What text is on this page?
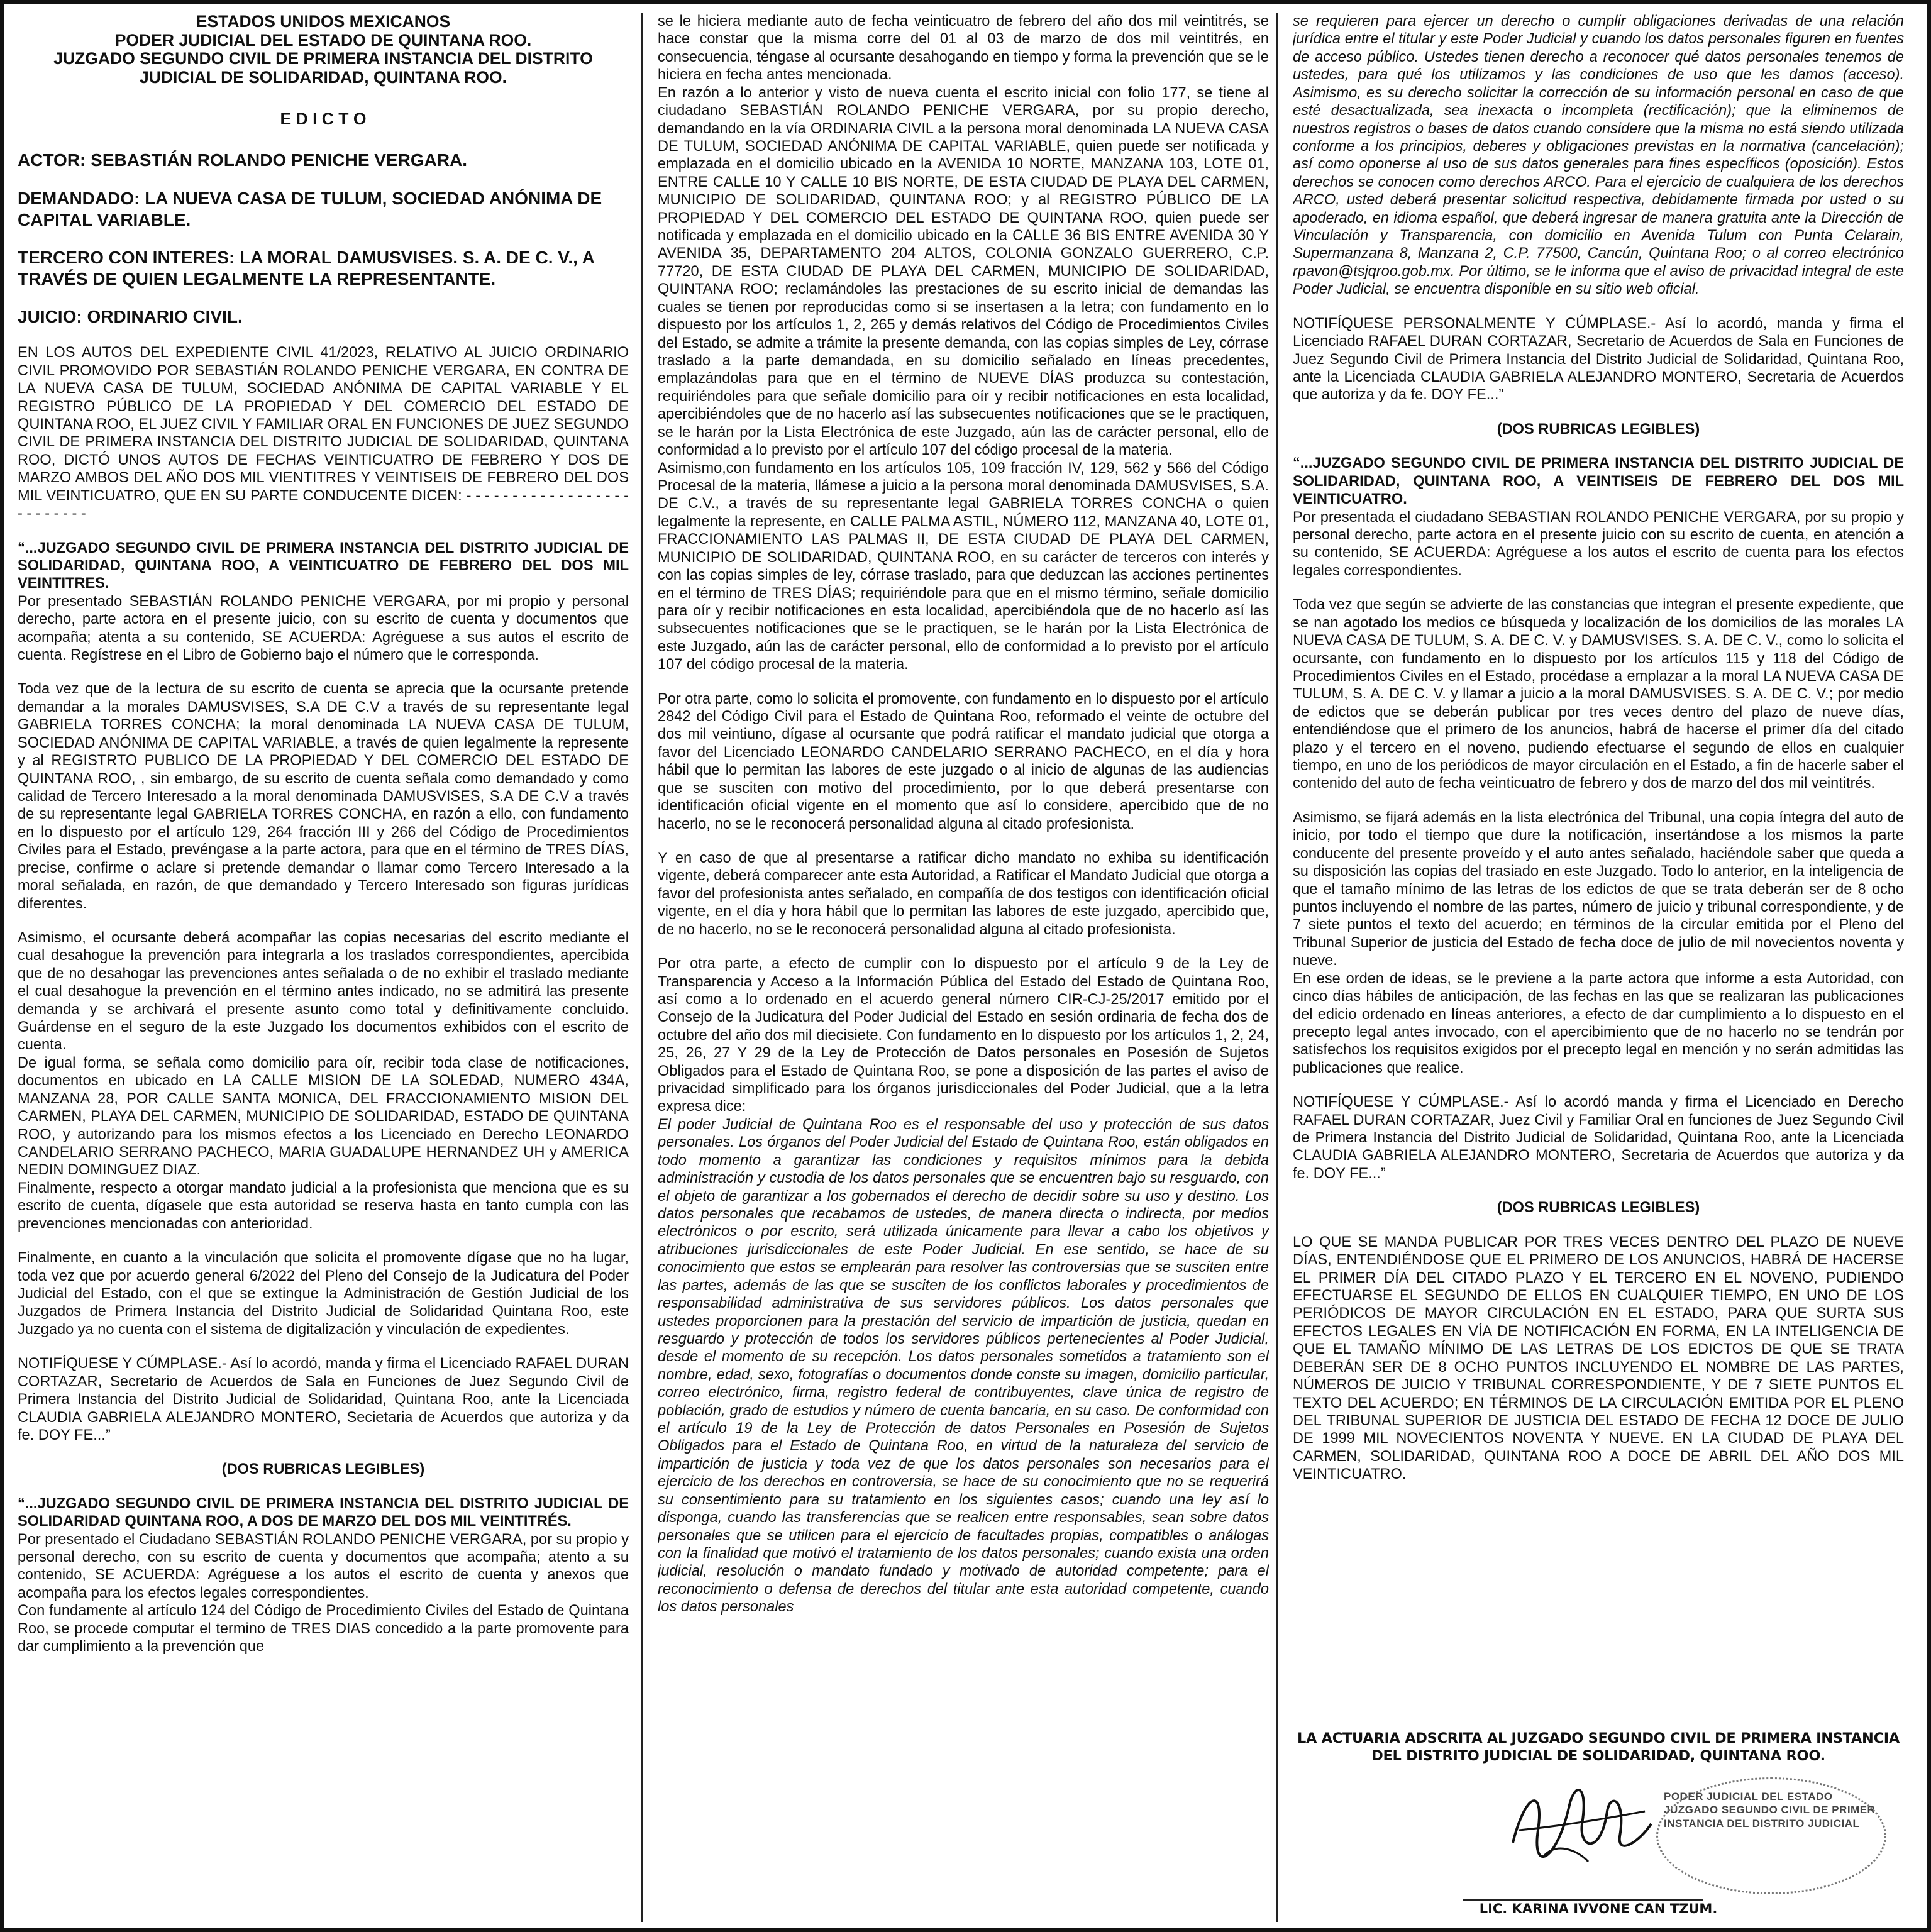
ESTADOS UNIDOS MEXICANOS

PODER JUDICIAL DEL ESTADO DE QUINTANA ROO.

JUZGADO SEGUNDO CIVIL DE PRIMERA INSTANCIA DEL DISTRITO

JUDICIAL DE SOLIDARIDAD, QUINTANA ROO.

E D I C T O

ACTOR: SEBASTIÁN ROLANDO PENICHE VERGARA.

DEMANDADO: LA NUEVA CASA DE TULUM, SOCIEDAD ANÓNIMA DE CAPITAL VARIABLE.

TERCERO CON INTERES: LA MORAL DAMUSVISES. S. A. DE C. V., A TRAVÉS DE QUIEN LEGALMENTE LA REPRESENTANTE.

JUICIO: ORDINARIO CIVIL.

EN LOS AUTOS DEL EXPEDIENTE CIVIL 41/2023, RELATIVO AL JUICIO ORDINARIO CIVIL PROMOVIDO POR SEBASTIÁN ROLANDO PENICHE VERGARA, EN CONTRA DE LA NUEVA CASA DE TULUM, SOCIEDAD ANÓNIMA DE CAPITAL VARIABLE Y EL REGISTRO PÚBLICO DE LA PROPIEDAD Y DEL COMERCIO DEL ESTADO DE QUINTANA ROO, EL JUEZ CIVIL Y FAMILIAR ORAL EN FUNCIONES DE JUEZ SEGUNDO CIVIL DE PRIMERA INSTANCIA DEL DISTRITO JUDICIAL DE SOLIDARIDAD, QUINTANA ROO, DICTÓ UNOS AUTOS DE FECHAS VEINTICUATRO DE FEBRERO Y DOS DE MARZO AMBOS DEL AÑO DOS MIL VIENTITRES Y VEINTISEIS DE FEBRERO DEL DOS MIL VEINTICUATRO, QUE EN SU PARTE CONDUCENTE DICEN: - - - - - - - - - - - - - - - - - - - - - - - - - -

“...JUZGADO SEGUNDO CIVIL DE PRIMERA INSTANCIA DEL DISTRITO JUDICIAL DE SOLIDARIDAD, QUINTANA ROO, A VEINTICUATRO DE FEBRERO DEL DOS MIL VEINTITRES.

Por presentado SEBASTIÁN ROLANDO PENICHE VERGARA, por mi propio y personal derecho, parte actora en el presente juicio, con su escrito de cuenta y documentos que acompaña; atenta a su contenido, SE ACUERDA: Agréguese a sus autos el escrito de cuenta. Regístrese en el Libro de Gobierno bajo el número que le corresponda.

Toda vez que de la lectura de su escrito de cuenta se aprecia que la ocursante pretende demandar a la morales DAMUSVISES, S.A DE C.V a través de su representante legal GABRIELA TORRES CONCHA; la moral denominada LA NUEVA CASA DE TULUM, SOCIEDAD ANÓNIMA DE CAPITAL VARIABLE, a través de quien legalmente la represente y al REGISTRTO PUBLICO DE LA PROPIEDAD Y DEL COMERCIO DEL ESTADO DE QUINTANA ROO, , sin embargo, de su escrito de cuenta señala como demandado y como calidad de Tercero Interesado a la moral denominada DAMUSVISES, S.A DE C.V a través de su representante legal GABRIELA TORRES CONCHA, en razón a ello, con fundamento en lo dispuesto por el artículo 129, 264 fracción III y 266 del Código de Procedimientos Civiles para el Estado, prevéngase a la parte actora, para que en el término de TRES DÍAS, precise, confirme o aclare si pretende demandar o llamar como Tercero Interesado a la moral señalada, en razón, de que demandado y Tercero Interesado son figuras jurídicas diferentes.

Asimismo, el ocursante deberá acompañar las copias necesarias del escrito mediante el cual desahogue la prevención para integrarla a los traslados correspondientes, apercibida que de no desahogar las prevenciones antes señalada o de no exhibir el traslado mediante el cual desahogue la prevención en el término antes indicado, no se admitirá las presente demanda y se archivará el presente asunto como total y definitivamente concluido. Guárdense en el seguro de la este Juzgado los documentos exhibidos con el escrito de cuenta.

De igual forma, se señala como domicilio para oír, recibir toda clase de notificaciones, documentos en ubicado en LA CALLE MISION DE LA SOLEDAD, NUMERO 434A, MANZANA 28, POR CALLE SANTA MONICA, DEL FRACCIONAMIENTO MISION DEL CARMEN, PLAYA DEL CARMEN, MUNICIPIO DE SOLIDARIDAD, ESTADO DE QUINTANA ROO, y autorizando para los mismos efectos a los Licenciado en Derecho LEONARDO CANDELARIO SERRANO PACHECO, MARIA GUADALUPE HERNANDEZ UH y AMERICA NEDIN DOMINGUEZ DIAZ.

Finalmente, respecto a otorgar mandato judicial a la profesionista que menciona que es su escrito de cuenta, dígasele que esta autoridad se reserva hasta en tanto cumpla con las prevenciones mencionadas con anterioridad.

Finalmente, en cuanto a la vinculación que solicita el promovente dígase que no ha lugar, toda vez que por acuerdo general 6/2022 del Pleno del Consejo de la Judicatura del Poder Judicial del Estado, con el que se extingue la Administración de Gestión Judicial de los Juzgados de Primera Instancia del Distrito Judicial de Solidaridad Quintana Roo, este Juzgado ya no cuenta con el sistema de digitalización y vinculación de expedientes.

NOTIFÍQUESE Y CÚMPLASE.- Así lo acordó, manda y firma el Licenciado RAFAEL DURAN CORTAZAR, Secretario de Acuerdos de Sala en Funciones de Juez Segundo Civil de Primera Instancia del Distrito Judicial de Solidaridad, Quintana Roo, ante la Licenciada CLAUDIA GABRIELA ALEJANDRO MONTERO, Secietaria de Acuerdos que autoriza y da fe. DOY FE...”

(DOS RUBRICAS LEGIBLES)

“...JUZGADO SEGUNDO CIVIL DE PRIMERA INSTANCIA DEL DISTRITO JUDICIAL DE SOLIDARIDAD QUINTANA ROO, A DOS DE MARZO DEL DOS MIL VEINTITRÉS.

Por presentado el Ciudadano SEBASTIÁN ROLANDO PENICHE VERGARA, por su propio y personal derecho, con su escrito de cuenta y documentos que acompaña; atento a su contenido, SE ACUERDA: Agréguese a los autos el escrito de cuenta y anexos que acompaña para los efectos legales correspondientes.

Con fundamente al artículo 124 del Código de Procedimiento Civiles del Estado de Quintana Roo, se procede computar el termino de TRES DIAS concedido a la parte promovente para dar cumplimiento a la prevención que

se le hiciera mediante auto de fecha veinticuatro de febrero del año dos mil veintitrés, se hace constar que la misma corre del 01 al 03 de marzo de dos mil veintitrés, en consecuencia, téngase al ocursante desahogando en tiempo y forma la prevención que se le hiciera en fecha antes mencionada.

En razón a lo anterior y visto de nueva cuenta el escrito inicial con folio 177, se tiene al ciudadano SEBASTIÁN ROLANDO PENICHE VERGARA, por su propio derecho, demandando en la vía ORDINARIA CIVIL a la persona moral denominada LA NUEVA CASA DE TULUM, SOCIEDAD ANÓNIMA DE CAPITAL VARIABLE, quien puede ser notificada y emplazada en el domicilio ubicado en la AVENIDA 10 NORTE, MANZANA 103, LOTE 01, ENTRE CALLE 10 Y CALLE 10 BIS NORTE, DE ESTA CIUDAD DE PLAYA DEL CARMEN, MUNICIPIO DE SOLIDARIDAD, QUINTANA ROO; y al REGISTRO PÚBLICO DE LA PROPIEDAD Y DEL COMERCIO DEL ESTADO DE QUINTANA ROO, quien puede ser notificada y emplazada en el domicilio ubicado en la CALLE 36 BIS ENTRE AVENIDA 30 Y AVENIDA 35, DEPARTAMENTO 204 ALTOS, COLONIA GONZALO GUERRERO, C.P. 77720, DE ESTA CIUDAD DE PLAYA DEL CARMEN, MUNICIPIO DE SOLIDARIDAD, QUINTANA ROO; reclamándoles las prestaciones de su escrito inicial de demandas las cuales se tienen por reproducidas como si se insertasen a la letra; con fundamento en lo dispuesto por los artículos 1, 2, 265 y demás relativos del Código de Procedimientos Civiles del Estado, se admite a trámite la presente demanda, con las copias simples de Ley, córrase traslado a la parte demandada, en su domicilio señalado en líneas precedentes, emplazándolas para que en el término de NUEVE DÍAS produzca su contestación, requiriéndoles para que señale domicilio para oír y recibir notificaciones en esta localidad, apercibiéndoles que de no hacerlo así las subsecuentes notificaciones que se le practiquen, se le harán por la Lista Electrónica de este Juzgado, aún las de carácter personal, ello de conformidad a lo previsto por el artículo 107 del código procesal de la materia.

Asimismo,con fundamento en los artículos 105, 109 fracción IV, 129, 562 y 566 del Código Procesal de la materia, llámese a juicio a la persona moral denominada DAMUSVISES, S.A. DE C.V., a través de su representante legal GABRIELA TORRES CONCHA o quien legalmente la represente, en CALLE PALMA ASTIL, NÚMERO 112, MANZANA 40, LOTE 01, FRACCIONAMIENTO LAS PALMAS II, DE ESTA CIUDAD DE PLAYA DEL CARMEN, MUNICIPIO DE SOLIDARIDAD, QUINTANA ROO, en su carácter de terceros con interés y con las copias simples de ley, córrase traslado, para que deduzcan las acciones pertinentes en el término de TRES DÍAS; requiriéndole para que en el mismo término, señale domicilio para oír y recibir notificaciones en esta localidad, apercibiéndola que de no hacerlo así las subsecuentes notificaciones que se le practiquen, se le harán por la Lista Electrónica de este Juzgado, aún las de carácter personal, ello de conformidad a lo previsto por el artículo 107 del código procesal de la materia.

Por otra parte, como lo solicita el promovente, con fundamento en lo dispuesto por el artículo 2842 del Código Civil para el Estado de Quintana Roo, reformado el veinte de octubre del dos mil veintiuno, dígase al ocursante que podrá ratificar el mandato judicial que otorga a favor del Licenciado LEONARDO CANDELARIO SERRANO PACHECO, en el día y hora hábil que lo permitan las labores de este juzgado o al inicio de algunas de las audiencias que se susciten con motivo del procedimiento, por lo que deberá presentarse con identificación oficial vigente en el momento que así lo considere, apercibido que de no hacerlo, no se le reconocerá personalidad alguna al citado profesionista.

Y en caso de que al presentarse a ratificar dicho mandato no exhiba su identificación vigente, deberá comparecer ante esta Autoridad, a Ratificar el Mandato Judicial que otorga a favor del profesionista antes señalado, en compañía de dos testigos con identificación oficial vigente, en el día y hora hábil que lo permitan las labores de este juzgado, apercibido que, de no hacerlo, no se le reconocerá personalidad alguna al citado profesionista.

Por otra parte, a efecto de cumplir con lo dispuesto por el artículo 9 de la Ley de Transparencia y Acceso a la Información Pública del Estado del Estado de Quintana Roo, así como a lo ordenado en el acuerdo general número CIR-CJ-25/2017 emitido por el Consejo de la Judicatura del Poder Judicial del Estado en sesión ordinaria de fecha dos de octubre del año dos mil diecisiete. Con fundamento en lo dispuesto por los artículos 1, 2, 24, 25, 26, 27 Y 29 de la Ley de Protección de Datos personales en Posesión de Sujetos Obligados para el Estado de Quintana Roo, se pone a disposición de las partes el aviso de privacidad simplificado para los órganos jurisdiccionales del Poder Judicial, que a la letra expresa dice:

El poder Judicial de Quintana Roo es el responsable del uso y protección de sus datos personales. Los órganos del Poder Judicial del Estado de Quintana Roo, están obligados en todo momento a garantizar las condiciones y requisitos mínimos para la debida administración y custodia de los datos personales que se encuentren bajo su resguardo, con el objeto de garantizar a los gobernados el derecho de decidir sobre su uso y destino. Los datos personales que recabamos de ustedes, de manera directa o indirecta, por medios electrónicos o por escrito, será utilizada únicamente para llevar a cabo los objetivos y atribuciones jurisdiccionales de este Poder Judicial. En ese sentido, se hace de su conocimiento que estos se emplearán para resolver las controversias que se susciten entre las partes, además de las que se susciten de los conflictos laborales y procedimientos de responsabilidad administrativa de sus servidores públicos. Los datos personales que ustedes proporcionen para la prestación del servicio de impartición de justicia, quedan en resguardo y protección de todos los servidores públicos pertenecientes al Poder Judicial, desde el momento de su recepción. Los datos personales sometidos a tratamiento son el nombre, edad, sexo, fotografías o documentos donde conste su imagen, domicilio particular, correo electrónico, firma, registro federal de contribuyentes, clave única de registro de población, grado de estudios y número de cuenta bancaria, en su caso. De conformidad con el artículo 19 de la Ley de Protección de datos Personales en Posesión de Sujetos Obligados para el Estado de Quintana Roo, en virtud de la naturaleza del servicio de impartición de justicia y toda vez de que los datos personales son necesarios para el ejercicio de los derechos en controversia, se hace de su conocimiento que no se requerirá su consentimiento para su tratamiento en los siguientes casos; cuando una ley así lo disponga, cuando las transferencias que se realicen entre responsables, sean sobre datos personales que se utilicen para el ejercicio de facultades propias, compatibles o análogas con la finalidad que motivó el tratamiento de los datos personales; cuando exista una orden judicial, resolución o mandato fundado y motivado de autoridad competente; para el reconocimiento o defensa de derechos del titular ante esta autoridad competente, cuando los datos personales

se requieren para ejercer un derecho o cumplir obligaciones derivadas de una relación jurídica entre el titular y este Poder Judicial y cuando los datos personales figuren en fuentes de acceso público. Ustedes tienen derecho a reconocer qué datos personales tenemos de ustedes, para qué los utilizamos y las condiciones de uso que les damos (acceso). Asimismo, es su derecho solicitar la corrección de su información personal en caso de que esté desactualizada, sea inexacta o incompleta (rectificación); que la eliminemos de nuestros registros o bases de datos cuando considere que la misma no está siendo utilizada conforme a los principios, deberes y obligaciones previstas en la normativa (cancelación); así como oponerse al uso de sus datos generales para fines específicos (oposición). Estos derechos se conocen como derechos ARCO. Para el ejercicio de cualquiera de los derechos ARCO, usted deberá presentar solicitud respectiva, debidamente firmada por usted o su apoderado, en idioma español, que deberá ingresar de manera gratuita ante la Dirección de Vinculación y Transparencia, con domicilio en Avenida Tulum con Punta Celarain, Supermanzana 8, Manzana 2, C.P. 77500, Cancún, Quintana Roo; o al correo electrónico rpavon@tsjqroo.gob.mx. Por último, se le informa que el aviso de privacidad integral de este Poder Judicial, se encuentra disponible en su sitio web oficial.

NOTIFÍQUESE PERSONALMENTE Y CÚMPLASE.- Así lo acordó, manda y firma el Licenciado RAFAEL DURAN CORTAZAR, Secretario de Acuerdos de Sala en Funciones de Juez Segundo Civil de Primera Instancia del Distrito Judicial de Solidaridad, Quintana Roo, ante la Licenciada CLAUDIA GABRIELA ALEJANDRO MONTERO, Secretaria de Acuerdos que autoriza y da fe. DOY FE...”

(DOS RUBRICAS LEGIBLES)

“...JUZGADO SEGUNDO CIVIL DE PRIMERA INSTANCIA DEL DISTRITO JUDICIAL DE SOLIDARIDAD, QUINTANA ROO, A VEINTISEIS DE FEBRERO DEL DOS MIL VEINTICUATRO.

Por presentada el ciudadano SEBASTIAN ROLANDO PENICHE VERGARA, por su propio y personal derecho, parte actora en el presente juicio con su escrito de cuenta, en atención a su contenido, SE ACUERDA: Agréguese a los autos el escrito de cuenta para los efectos legales correspondientes.

Toda vez que según se advierte de las constancias que integran el presente expediente, que se nan agotado los medios ce búsqueda y localización de los domicilios de las morales LA NUEVA CASA DE TULUM, S. A. DE C. V. y DAMUSVISES. S. A. DE C. V., como lo solicita el ocursante, con fundamento en lo dispuesto por los artículos 115 y 118 del Código de Procedimientos Civiles en el Estado, procédase a emplazar a la moral LA NUEVA CASA DE TULUM, S. A. DE C. V. y llamar a juicio a la moral DAMUSVISES. S. A. DE C. V.; por medio de edictos que se deberán publicar por tres veces dentro del plazo de nueve días, entendiéndose que el primero de los anuncios, habrá de hacerse el primer día del citado plazo y el tercero en el noveno, pudiendo efectuarse el segundo de ellos en cualquier tiempo, en uno de los periódicos de mayor circulación en el Estado, a fin de hacerle saber el contenido del auto de fecha veinticuatro de febrero y dos de marzo del dos mil veintitrés.

Asimismo, se fijará además en la lista electrónica del Tribunal, una copia íntegra del auto de inicio, por todo el tiempo que dure la notificación, insertándose a los mismos la parte conducente del presente proveído y el auto antes señalado, haciéndole saber que queda a su disposición las copias del trasiado en este Juzgado. Todo lo anterior, en la inteligencia de que el tamaño mínimo de las letras de los edictos de que se trata deberán ser de 8 ocho puntos incluyendo el nombre de las partes, número de juicio y tribunal correspondiente, y de 7 siete puntos el texto del acuerdo; en términos de la circular emitida por el Pleno del Tribunal Superior de justicia del Estado de fecha doce de julio de mil novecientos noventa y nueve.

En ese orden de ideas, se le previene a la parte actora que informe a esta Autoridad, con cinco días hábiles de anticipación, de las fechas en las que se realizaran las publicaciones del edicio ordenado en líneas anteriores, a efecto de dar cumplimiento a lo dispuesto en el precepto legal antes invocado, con el apercibimiento que de no hacerlo no se tendrán por satisfechos los requisitos exigidos por el precepto legal en mención y no serán admitidas las publicaciones que realice.

NOTIFÍQUESE Y CÚMPLASE.- Así lo acordó manda y firma el Licenciado en Derecho RAFAEL DURAN CORTAZAR, Juez Civil y Familiar Oral en funciones de Juez Segundo Civil de Primera Instancia del Distrito Judicial de Solidaridad, Quintana Roo, ante la Licenciada CLAUDIA GABRIELA ALEJANDRO MONTERO, Secretaria de Acuerdos que autoriza y da fe. DOY FE...”

(DOS RUBRICAS LEGIBLES)

LO QUE SE MANDA PUBLICAR POR TRES VECES DENTRO DEL PLAZO DE NUEVE DÍAS, ENTENDIÉNDOSE QUE EL PRIMERO DE LOS ANUNCIOS, HABRÁ DE HACERSE EL PRIMER DÍA DEL CITADO PLAZO Y EL TERCERO EN EL NOVENO, PUDIENDO EFECTUARSE EL SEGUNDO DE ELLOS EN CUALQUIER TIEMPO, EN UNO DE LOS PERIÓDICOS DE MAYOR CIRCULACIÓN EN EL ESTADO, PARA QUE SURTA SUS EFECTOS LEGALES EN VÍA DE NOTIFICACIÓN EN FORMA, EN LA INTELIGENCIA DE QUE EL TAMAÑO MÍNIMO DE LAS LETRAS DE LOS EDICTOS DE QUE SE TRATA DEBERÁN SER DE 8 OCHO PUNTOS INCLUYENDO EL NOMBRE DE LAS PARTES, NÚMEROS DE JUICIO Y TRIBUNAL CORRESPONDIENTE, Y DE 7 SIETE PUNTOS EL TEXTO DEL ACUERDO; EN TÉRMINOS DE LA CIRCULACIÓN EMITIDA POR EL PLENO DEL TRIBUNAL SUPERIOR DE JUSTICIA DEL ESTADO DE FECHA 12 DOCE DE JULIO DE 1999 MIL NOVECIENTOS NOVENTA Y NUEVE. EN LA CIUDAD DE PLAYA DEL CARMEN, SOLIDARIDAD, QUINTANA ROO A DOCE DE ABRIL DEL AÑO DOS MIL VEINTICUATRO.

LA ACTUARIA ADSCRITA AL JUZGADO SEGUNDO CIVIL DE PRIMERA INSTANCIA
DEL DISTRITO JUDICIAL DE SOLIDARIDAD, QUINTANA ROO.

PODER JUDICIAL DEL ESTADO
JUZGADO SEGUNDO CIVIL DE PRIMER
INSTANCIA DEL DISTRITO JUDICIAL
LIC. KARINA IVVONE CAN TZUM.
